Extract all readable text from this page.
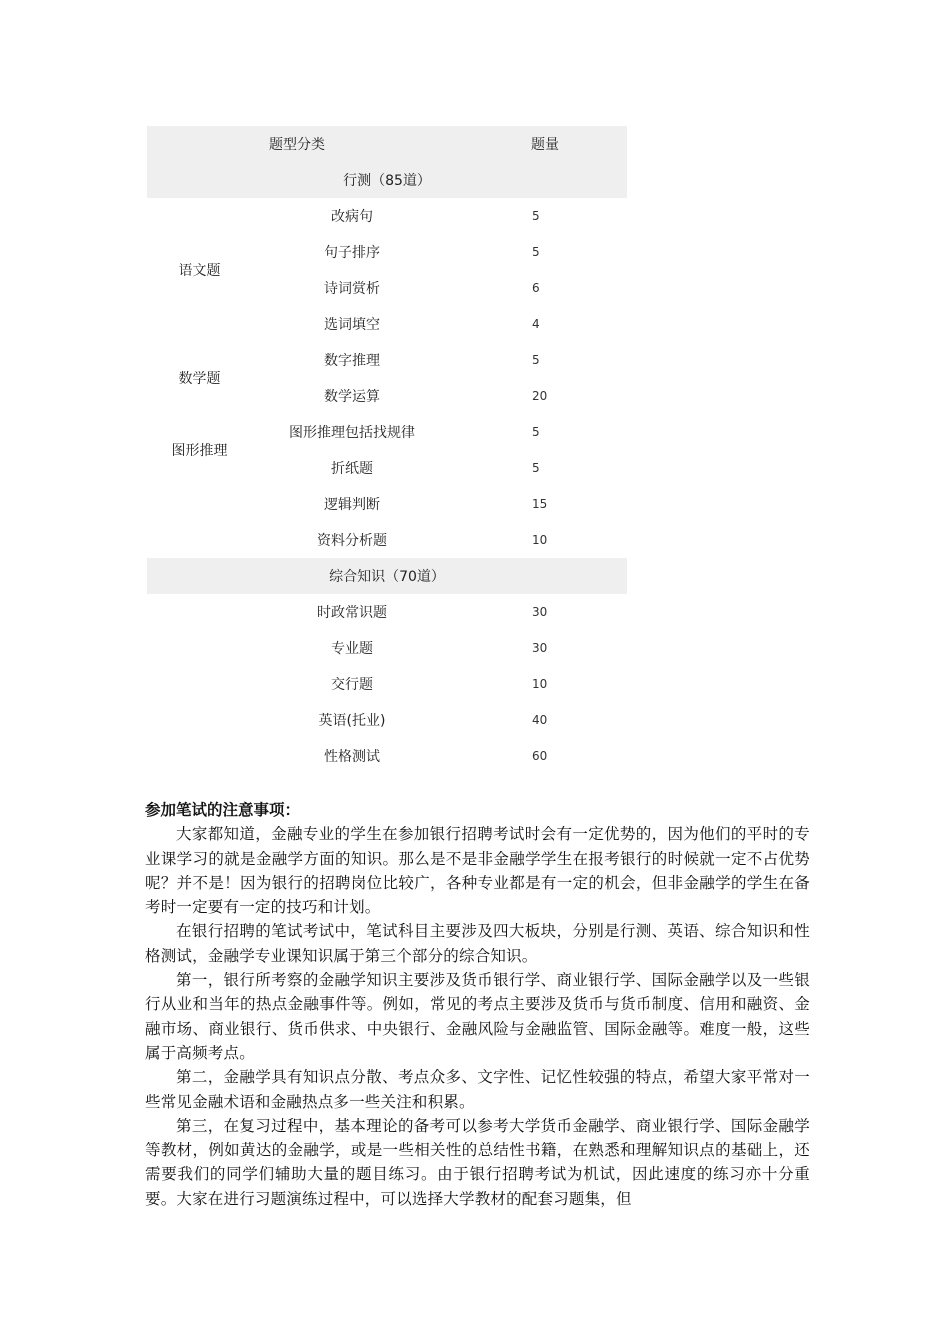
题型分类		题量
行测（85道）		
语文题	改病句	5
	句子排序	5
	诗词赏析	6
	选词填空	4
数学题	数字推理	5
	数学运算	20
图形推理	图形推理包括找规律	5
	折纸题	5
	逻辑判断	15
	资料分析题	10
综合知识（70道）		
	时政常识题	30
	专业题	30
	交行题	10
	英语(托业)	40
	性格测试	60

参加笔试的注意事项：

大家都知道，金融专业的学生在参加银行招聘考试时会有一定优势的，因为他们的平时的专业课学习的就是金融学方面的知识。那么是不是非金融学学生在报考银行的时候就一定不占优势呢？并不是！因为银行的招聘岗位比较广，各种专业都是有一定的机会，但非金融学的学生在备考时一定要有一定的技巧和计划。

在银行招聘的笔试考试中，笔试科目主要涉及四大板块，分别是行测、英语、综合知识和性格测试，金融学专业课知识属于第三个部分的综合知识。

第一，银行所考察的金融学知识主要涉及货币银行学、商业银行学、国际金融学以及一些银行从业和当年的热点金融事件等。例如，常见的考点主要涉及货币与货币制度、信用和融资、金融市场、商业银行、货币供求、中央银行、金融风险与金融监管、国际金融等。难度一般，这些属于高频考点。

第二，金融学具有知识点分散、考点众多、文字性、记忆性较强的特点，希望大家平常对一些常见金融术语和金融热点多一些关注和积累。

第三，在复习过程中，基本理论的备考可以参考大学货币金融学、商业银行学、国际金融学等教材，例如黄达的金融学，或是一些相关性的总结性书籍，在熟悉和理解知识点的基础上，还需要我们的同学们辅助大量的题目练习。由于银行招聘考试为机试，因此速度的练习亦十分重要。大家在进行习题演练过程中，可以选择大学教材的配套习题集，但
